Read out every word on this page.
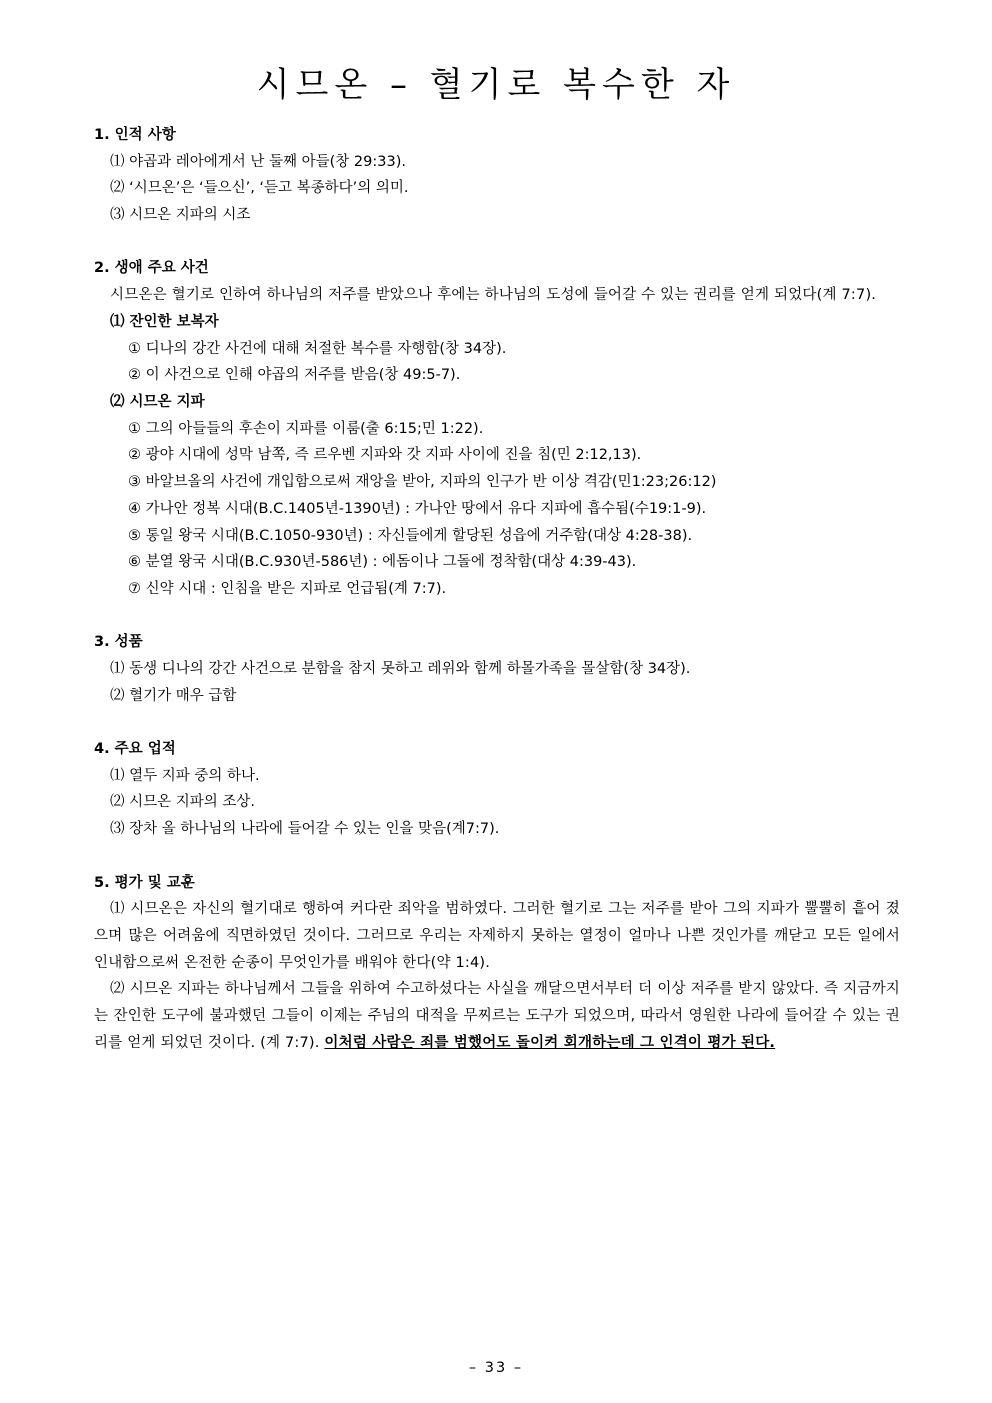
시므온 – 혈기로 복수한 자

1. 인적 사항

⑴ 야곱과 레아에게서 난 둘째 아들(창 29:33).

⑵ ‘시므온’은 ‘들으신’, ‘듣고 복종하다’의 의미.

⑶ 시므온 지파의 시조

2. 생애 주요 사건

시므온은 혈기로 인하여 하나님의 저주를 받았으나 후에는 하나님의 도성에 들어갈 수 있는 권리를 얻게 되었다(계 7:7).

⑴ 잔인한 보복자

① 디나의 강간 사건에 대해 처절한 복수를 자행함(창 34장).

② 이 사건으로 인해 야곱의 저주를 받음(창 49:5-7).

⑵ 시므온 지파

① 그의 아들들의 후손이 지파를 이룸(출 6:15;민 1:22).

② 광야 시대에 성막 남쪽, 즉 르우벤 지파와 갓 지파 사이에 진을 침(민 2:12,13).

③ 바알브올의 사건에 개입함으로써 재앙을 받아, 지파의 인구가 반 이상 격감(민1:23;26:12)

④ 가나안 정복 시대(B.C.1405년-1390년) : 가나안 땅에서 유다 지파에 흡수됨(수19:1-9).

⑤ 통일 왕국 시대(B.C.1050-930년) : 자신들에게 할당된 성읍에 거주함(대상 4:28-38).

⑥ 분열 왕국 시대(B.C.930년-586년) : 에돔이나 그돌에 정착함(대상 4:39-43).

⑦ 신약 시대 : 인침을 받은 지파로 언급됨(계 7:7).

3. 성품

⑴ 동생 디나의 강간 사건으로 분함을 참지 못하고 레위와 함께 하몰가족을 몰살함(창 34장).

⑵ 혈기가 매우 급함

4. 주요 업적

⑴ 열두 지파 중의 하나.

⑵ 시므온 지파의 조상.

⑶ 장차 올 하나님의 나라에 들어갈 수 있는 인을 맞음(계7:7).

5. 평가 및 교훈

⑴ 시므온은 자신의 혈기대로 행하여 커다란 죄악을 범하였다. 그러한 혈기로 그는 저주를 받아 그의 지파가 뿔뿔히 흩어 졌으며 많은 어려움에 직면하였던 것이다. 그러므로 우리는 자제하지 못하는 열정이 얼마나 나쁜 것인가를 깨닫고 모든 일에서 인내함으로써 온전한 순종이 무엇인가를 배워야 한다(약 1:4).

⑵ 시므온 지파는 하나님께서 그들을 위하여 수고하셨다는 사실을 깨달으면서부터 더 이상 저주를 받지 않았다. 즉 지금까지는 잔인한 도구에 불과했던 그들이 이제는 주님의 대적을 무찌르는 도구가 되었으며, 따라서 영원한 나라에 들어갈 수 있는 권리를 얻게 되었던 것이다. (계 7:7). 이처럼 사람은 죄를 범했어도 돌이켜 회개하는데 그 인격이 평가 된다.

– 33 –
